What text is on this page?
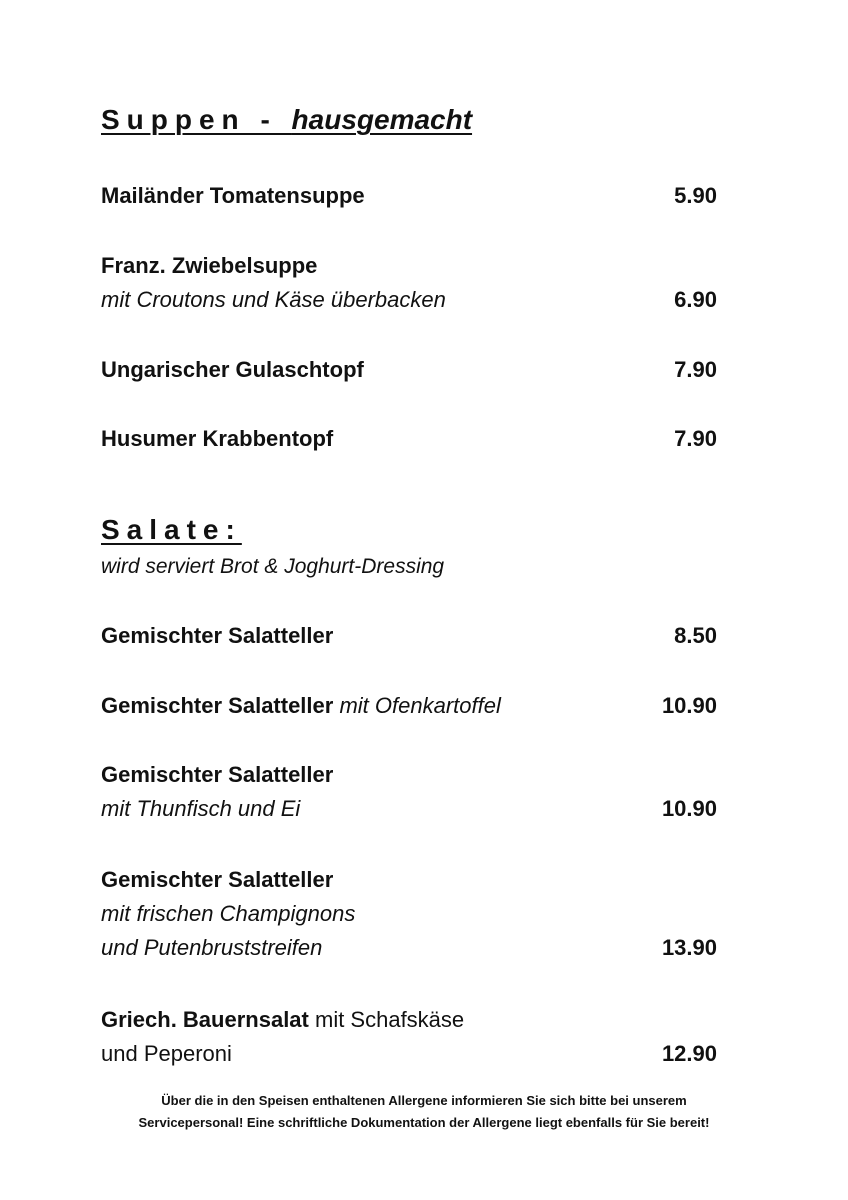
Suppen - hausgemacht
Mailänder Tomatensuppe	5.90
Franz. Zwiebelsuppe
mit Croutons und Käse überbacken	6.90
Ungarischer Gulaschtopf	7.90
Husumer Krabbentopf	7.90
Salate:
wird serviert Brot & Joghurt-Dressing
Gemischter Salatteller	8.50
Gemischter Salatteller mit Ofenkartoffel	10.90
Gemischter Salatteller
mit Thunfisch und Ei	10.90
Gemischter Salatteller
mit frischen Champignons
und Putenbruststreifen	13.90
Griech. Bauernsalat mit Schafskäse
und Peperoni	12.90
Über die in den Speisen enthaltenen Allergene informieren Sie sich bitte bei unserem
Servicepersonal! Eine schriftliche Dokumentation der Allergene liegt ebenfalls für Sie bereit!
